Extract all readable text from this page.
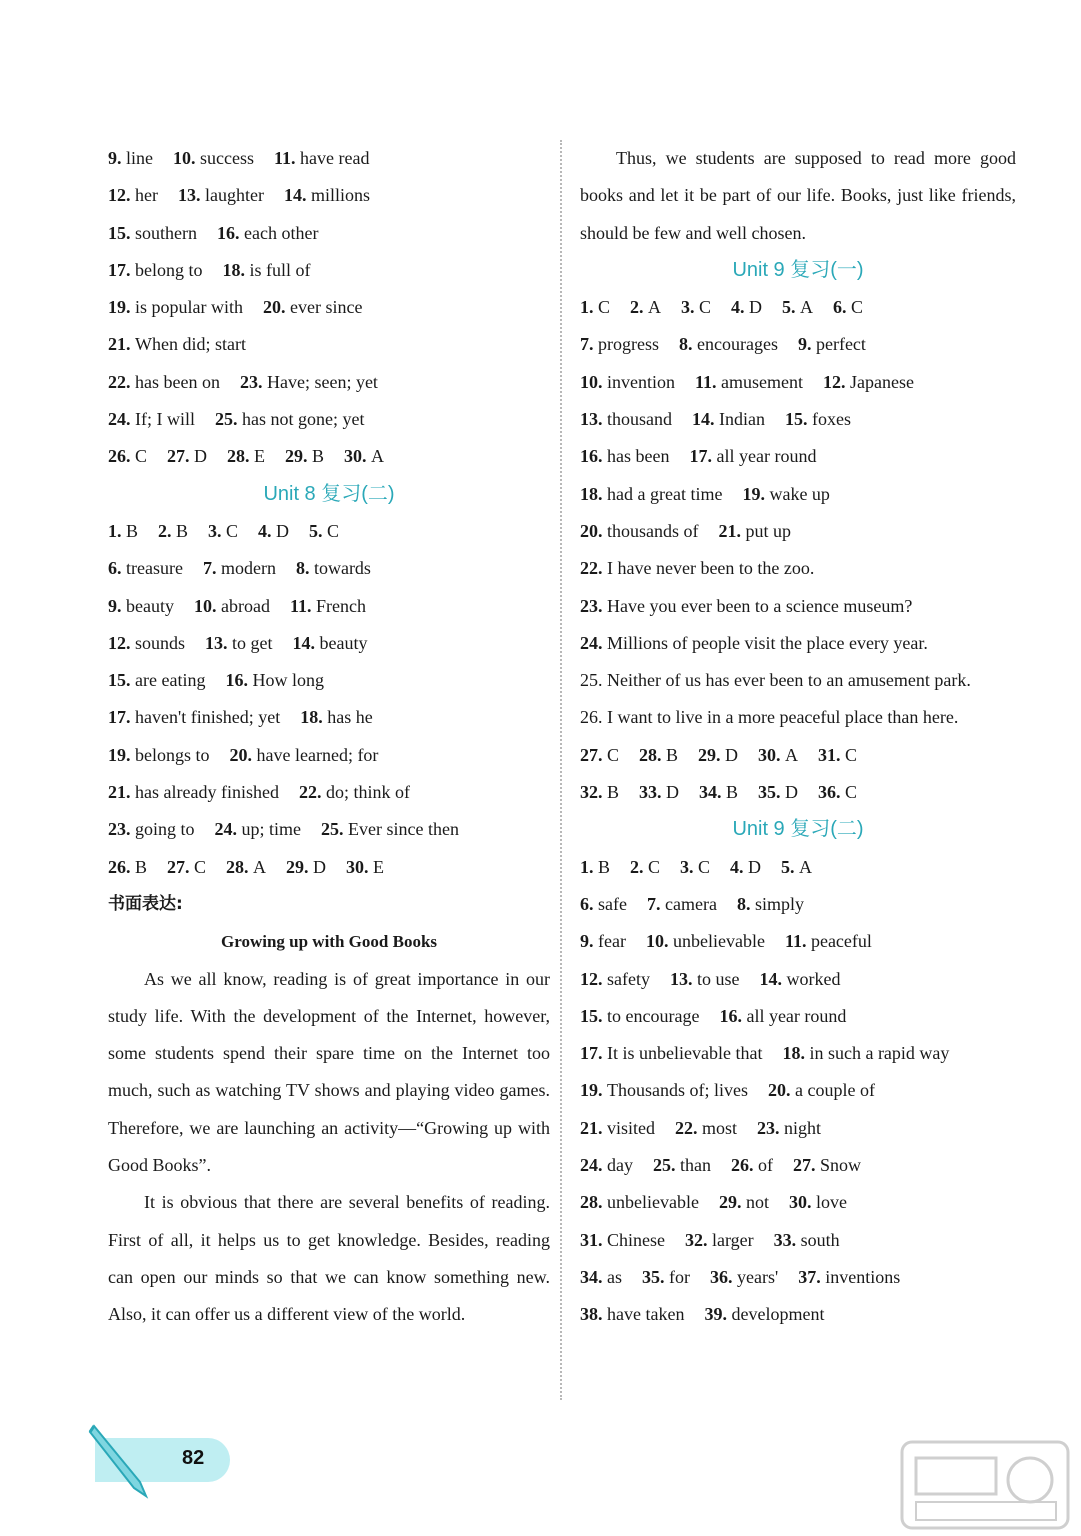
9. line 10. success 11. have read
12. her 13. laughter 14. millions
15. southern 16. each other
17. belong to 18. is full of
19. is popular with 20. ever since
21. When did; start
22. has been on 23. Have; seen; yet
24. If; I will 25. has not gone; yet
26. C 27. D 28. E 29. B 30. A
Unit 8 复习(二)
1. B 2. B 3. C 4. D 5. C
6. treasure 7. modern 8. towards
9. beauty 10. abroad 11. French
12. sounds 13. to get 14. beauty
15. are eating 16. How long
17. haven't finished; yet 18. has he
19. belongs to 20. have learned; for
21. has already finished 22. do; think of
23. going to 24. up; time 25. Ever since then
26. B 27. C 28. A 29. D 30. E
书面表达:
Growing up with Good Books
As we all know, reading is of great importance in our study life. With the development of the Internet, however, some students spend their spare time on the Internet too much, such as watching TV shows and playing video games. Therefore, we are launching an activity—“Growing up with Good Books”.
It is obvious that there are several benefits of reading. First of all, it helps us to get knowledge. Besides, reading can open our minds so that we can know something new. Also, it can offer us a different view of the world.
Thus, we students are supposed to read more good books and let it be part of our life. Books, just like friends, should be few and well chosen.
Unit 9 复习(一)
1. C 2. A 3. C 4. D 5. A 6. C
7. progress 8. encourages 9. perfect
10. invention 11. amusement 12. Japanese
13. thousand 14. Indian 15. foxes
16. has been 17. all year round
18. had a great time 19. wake up
20. thousands of 21. put up
22. I have never been to the zoo.
23. Have you ever been to a science museum?
24. Millions of people visit the place every year.
25. Neither of us has ever been to an amusement park.
26. I want to live in a more peaceful place than here.
27. C 28. B 29. D 30. A 31. C
32. B 33. D 34. B 35. D 36. C
Unit 9 复习(二)
1. B 2. C 3. C 4. D 5. A
6. safe 7. camera 8. simply
9. fear 10. unbelievable 11. peaceful
12. safety 13. to use 14. worked
15. to encourage 16. all year round
17. It is unbelievable that 18. in such a rapid way
19. Thousands of; lives 20. a couple of
21. visited 22. most 23. night
24. day 25. than 26. of 27. Snow
28. unbelievable 29. not 30. love
31. Chinese 32. larger 33. south
34. as 35. for 36. years' 37. inventions
38. have taken 39. development
82
